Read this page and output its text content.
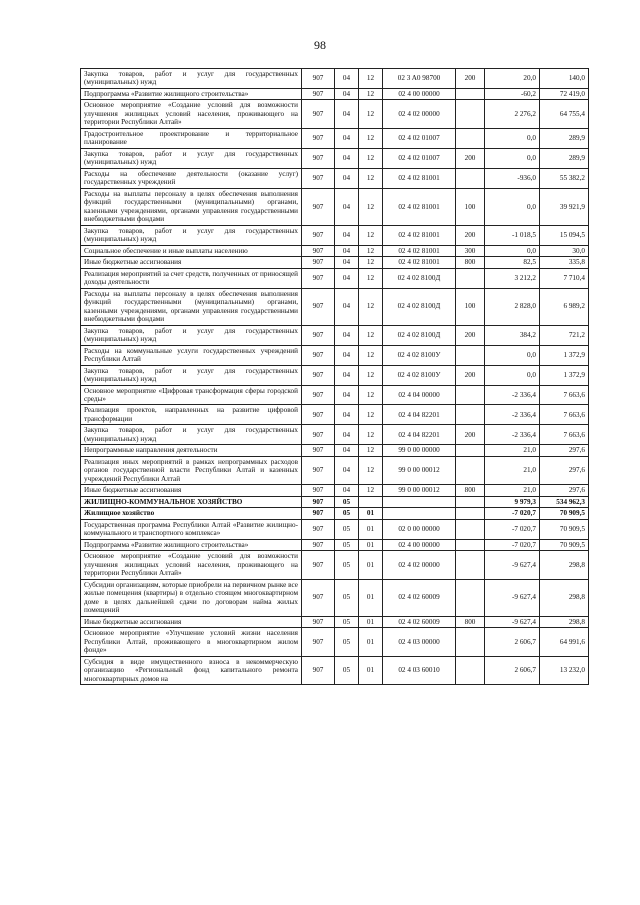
98
Закупка товаров, работ и услуг для государственных (муниципальных) нужд	907	04	12	02 3 A0 98700	200	20,0	140,0
Подпрограмма «Развитие жилищного строительства»	907	04	12	02 4 00 00000		-60,2	72 419,0
Основное мероприятие «Создание условий для возможности улучшения жилищных условий населения, проживающего на территории Республики Алтай»	907	04	12	02 4 02 00000		2 276,2	64 755,4
Градостроительное проектирование и территориальное планирование	907	04	12	02 4 02 01007		0,0	289,9
Закупка товаров, работ и услуг для государственных (муниципальных) нужд	907	04	12	02 4 02 01007	200	0,0	289,9
Расходы на обеспечение деятельности (оказание услуг) государственных учреждений	907	04	12	02 4 02 81001		-936,0	55 382,2
Расходы на выплаты персоналу в целях обеспечения выполнения функций государственными (муниципальными) органами, казенными учреждениями, органами управления государственными внебюджетными фондами	907	04	12	02 4 02 81001	100	0,0	39 921,9
Закупка товаров, работ и услуг для государственных (муниципальных) нужд	907	04	12	02 4 02 81001	200	-1 018,5	15 094,5
Социальное обеспечение и иные выплаты населению	907	04	12	02 4 02 81001	300	0,0	30,0
Иные бюджетные ассигнования	907	04	12	02 4 02 81001	800	82,5	335,8
Реализация мероприятий за счет средств, полученных от приносящей доходы деятельности	907	04	12	02 4 02 8100Д		3 212,2	7 710,4
Расходы на выплаты персоналу в целях обеспечения выполнения функций государственными (муниципальными) органами, казенными учреждениями, органами управления государственными внебюджетными фондами	907	04	12	02 4 02 8100Д	100	2 828,0	6 989,2
Закупка товаров, работ и услуг для государственных (муниципальных) нужд	907	04	12	02 4 02 8100Д	200	384,2	721,2
Расходы на коммунальные услуги государственных учреждений Республики Алтай	907	04	12	02 4 02 8100У		0,0	1 372,9
Закупка товаров, работ и услуг для государственных (муниципальных) нужд	907	04	12	02 4 02 8100У	200	0,0	1 372,9
Основное мероприятие «Цифровая трансформация сферы городской среды»	907	04	12	02 4 04 00000		-2 336,4	7 663,6
Реализация проектов, направленных на развитие цифровой трансформации	907	04	12	02 4 04 82201		-2 336,4	7 663,6
Закупка товаров, работ и услуг для государственных (муниципальных) нужд	907	04	12	02 4 04 82201	200	-2 336,4	7 663,6
Непрограммные направления деятельности	907	04	12	99 0 00 00000		21,0	297,6
Реализация иных мероприятий в рамках непрограммных расходов органов государственной власти Республики Алтай и казенных учреждений Республики Алтай	907	04	12	99 0 00 00012		21,0	297,6
Иные бюджетные ассигнования	907	04	12	99 0 00 00012	800	21,0	297,6
ЖИЛИЩНО-КОММУНАЛЬНОЕ ХОЗЯЙСТВО	907	05				9 979,3	534 962,3
Жилищное хозяйство	907	05	01			-7 020,7	70 909,5
Государственная программа Республики Алтай «Развитие жилищно-коммунального и транспортного комплекса»	907	05	01	02 0 00 00000		-7 020,7	70 909,5
Подпрограмма «Развитие жилищного строительства»	907	05	01	02 4 00 00000		-7 020,7	70 909,5
Основное мероприятие «Создание условий для возможности улучшения жилищных условий населения, проживающего на территории Республики Алтай»	907	05	01	02 4 02 00000		-9 627,4	298,8
Субсидии организациям, которые приобрели на первичном рынке все жилые помещения (квартиры) в отдельно стоящем многоквартирном доме в целях дальнейшей сдачи по договорам найма жилых помещений	907	05	01	02 4 02 60009		-9 627,4	298,8
Иные бюджетные ассигнования	907	05	01	02 4 02 60009	800	-9 627,4	298,8
Основное мероприятие «Улучшение условий жизни населения Республики Алтай, проживающего в многоквартирном жилом фонде»	907	05	01	02 4 03 00000		2 606,7	64 991,6
Субсидия в виде имущественного взноса в некоммерческую организацию «Региональный фонд капитального ремонта многоквартирных домов на	907	05	01	02 4 03 60010		2 606,7	13 232,0
